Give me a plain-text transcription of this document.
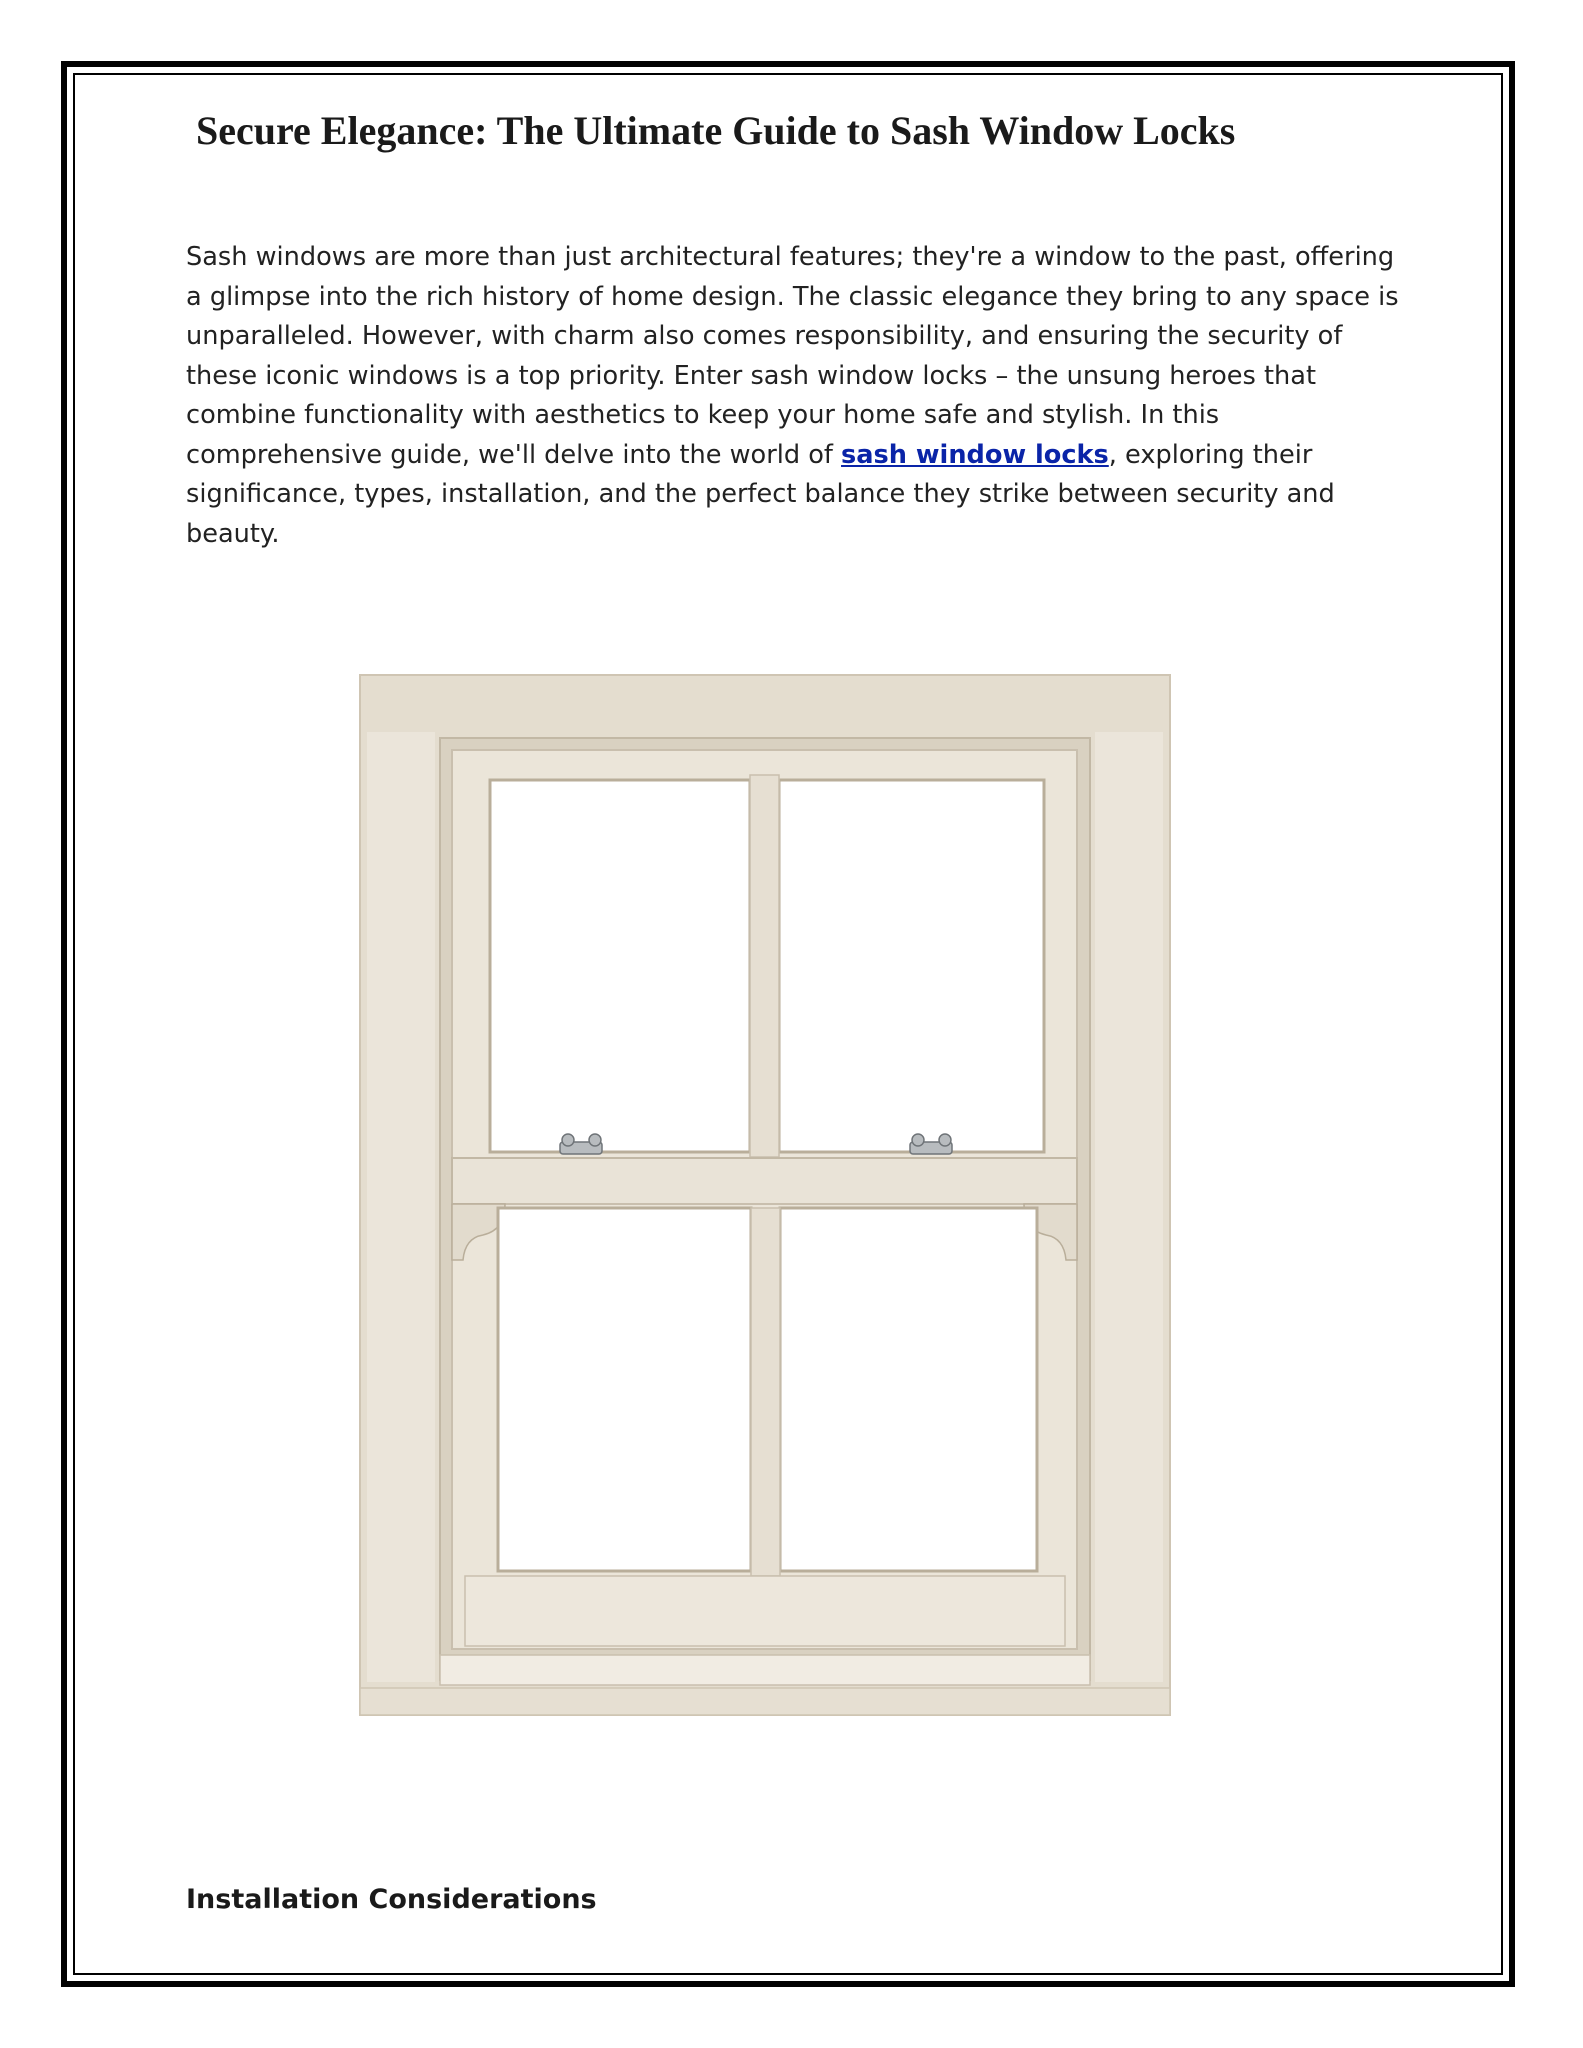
Secure Elegance: The Ultimate Guide to Sash Window Locks

Sash windows are more than just architectural features; they're a window to the past, offering a glimpse into the rich history of home design. The classic elegance they bring to any space is unparalleled. However, with charm also comes responsibility, and ensuring the security of these iconic windows is a top priority. Enter sash window locks – the unsung heroes that combine functionality with aesthetics to keep your home safe and stylish. In this comprehensive guide, we'll delve into the world of sash window locks, exploring their significance, types, installation, and the perfect balance they strike between security and beauty.

Installation Considerations
